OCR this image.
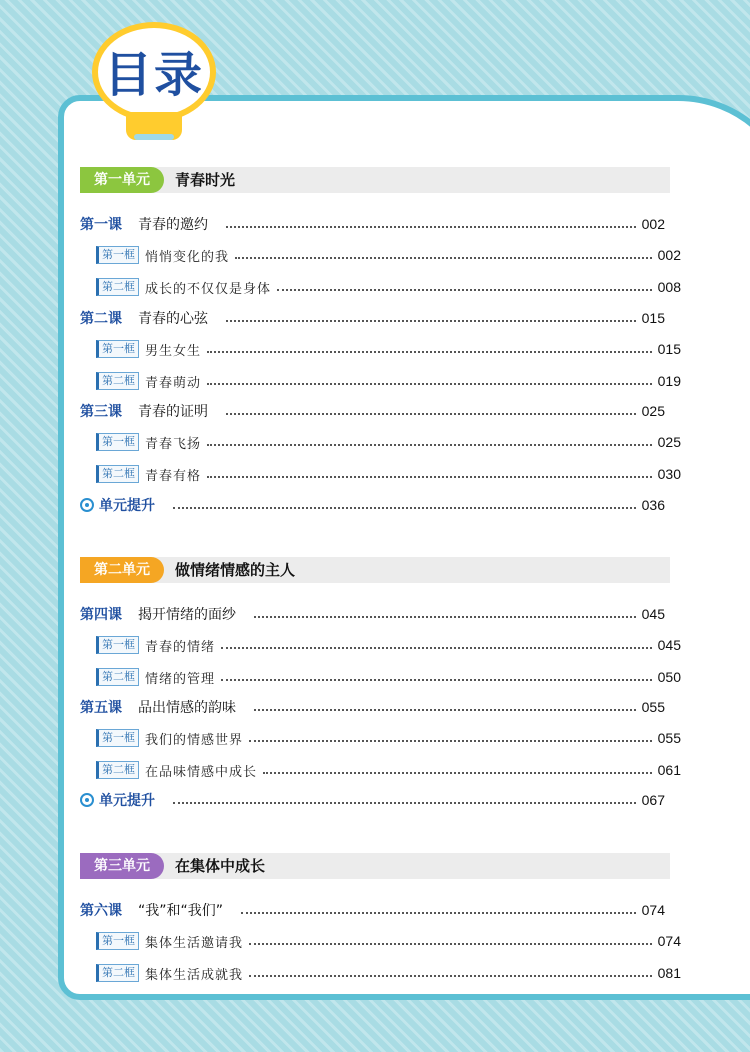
目录
第一单元	青春时光
第一课	青春的邀约	002
第一框 悄悄变化的我	002
第二框 成长的不仅仅是身体	008
第二课	青春的心弦	015
第一框 男生女生	015
第二框 青春萌动	019
第三课	青春的证明	025
第一框 青春飞扬	025
第二框 青春有格	030
单元提升	036
第二单元	做情绪情感的主人
第四课	揭开情绪的面纱	045
第一框 青春的情绪	045
第二框 情绪的管理	050
第五课	品出情感的韵味	055
第一框 我们的情感世界	055
第二框 在品味情感中成长	061
单元提升	067
第三单元	在集体中成长
第六课	“我”和“我们”	074
第一框 集体生活邀请我	074
第二框 集体生活成就我	081
